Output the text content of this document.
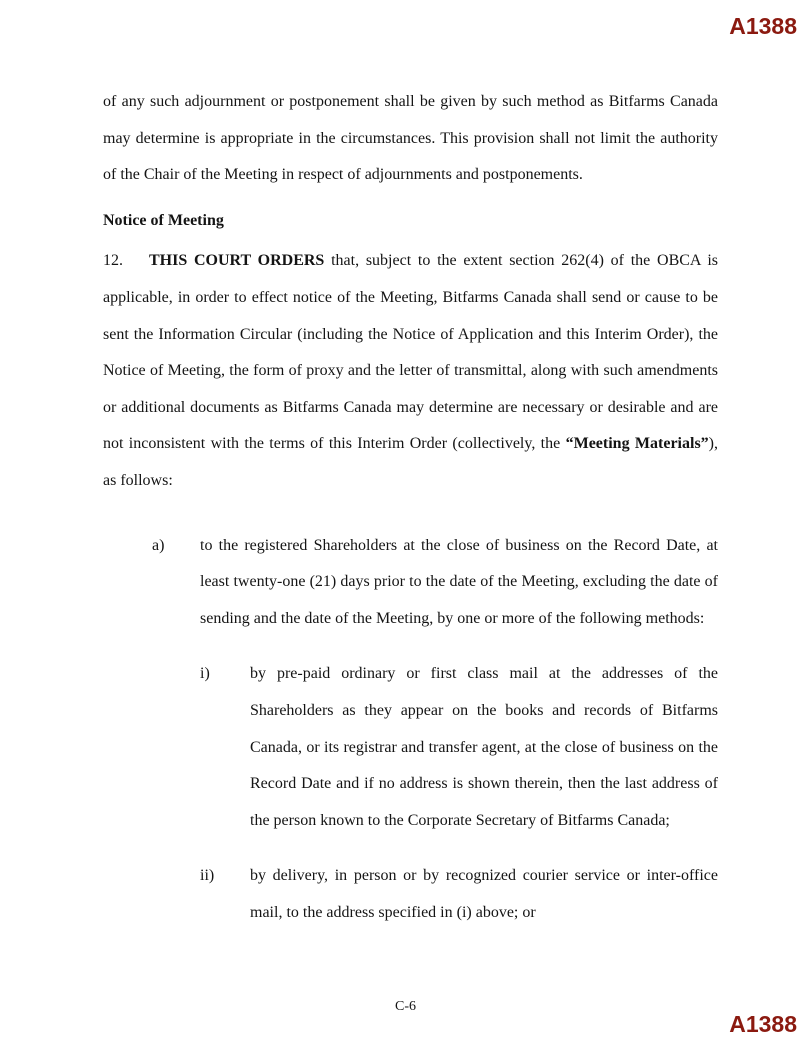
A1388

of any such adjournment or postponement shall be given by such method as Bitfarms Canada may determine is appropriate in the circumstances. This provision shall not limit the authority of the Chair of the Meeting in respect of adjournments and postponements.

Notice of Meeting

12. THIS COURT ORDERS that, subject to the extent section 262(4) of the OBCA is applicable, in order to effect notice of the Meeting, Bitfarms Canada shall send or cause to be sent the Information Circular (including the Notice of Application and this Interim Order), the Notice of Meeting, the form of proxy and the letter of transmittal, along with such amendments or additional documents as Bitfarms Canada may determine are necessary or desirable and are not inconsistent with the terms of this Interim Order (collectively, the “Meeting Materials”), as follows:

a) to the registered Shareholders at the close of business on the Record Date, at least twenty-one (21) days prior to the date of the Meeting, excluding the date of sending and the date of the Meeting, by one or more of the following methods:
i)	by pre-paid ordinary or first class mail at the addresses of the Shareholders as they appear on the books and records of Bitfarms Canada, or its registrar and transfer agent, at the close of business on the Record Date and if no address is shown therein, then the last address of the person known to the Corporate Secretary of Bitfarms Canada;
ii) by delivery, in person or by recognized courier service or inter-office mail, to the address specified in (i) above; or
C-6
A1388
